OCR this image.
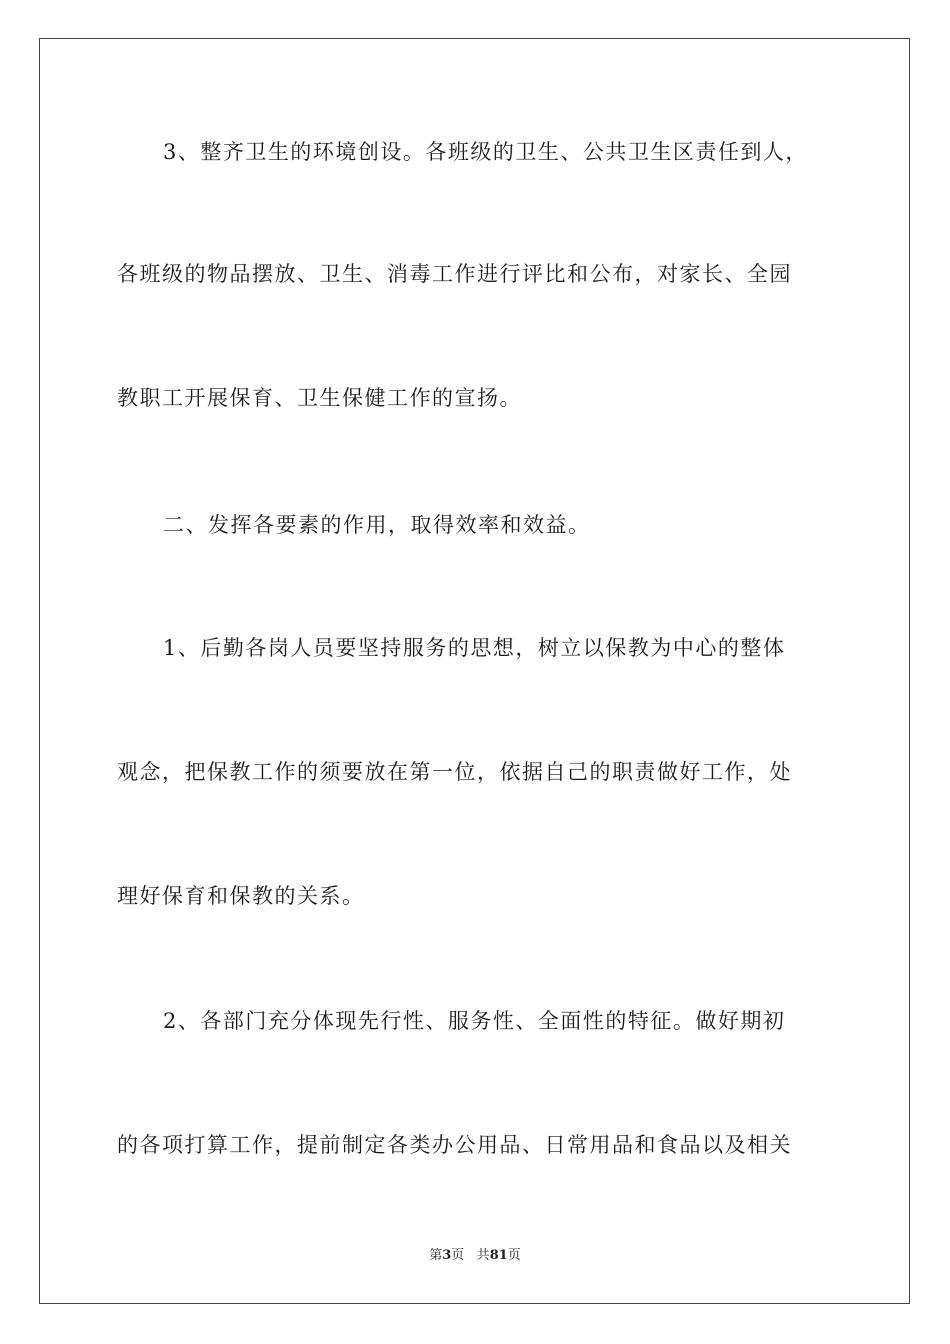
3、整齐卫生的环境创设。各班级的卫生、公共卫生区责任到人，
各班级的物品摆放、卫生、消毒工作进行评比和公布，对家长、全园
教职工开展保育、卫生保健工作的宣扬。
二、发挥各要素的作用，取得效率和效益。
1、后勤各岗人员要坚持服务的思想，树立以保教为中心的整体
观念，把保教工作的须要放在第一位，依据自己的职责做好工作，处
理好保育和保教的关系。
2、各部门充分体现先行性、服务性、全面性的特征。做好期初
的各项打算工作，提前制定各类办公用品、日常用品和食品以及相关
第3页 共81页
